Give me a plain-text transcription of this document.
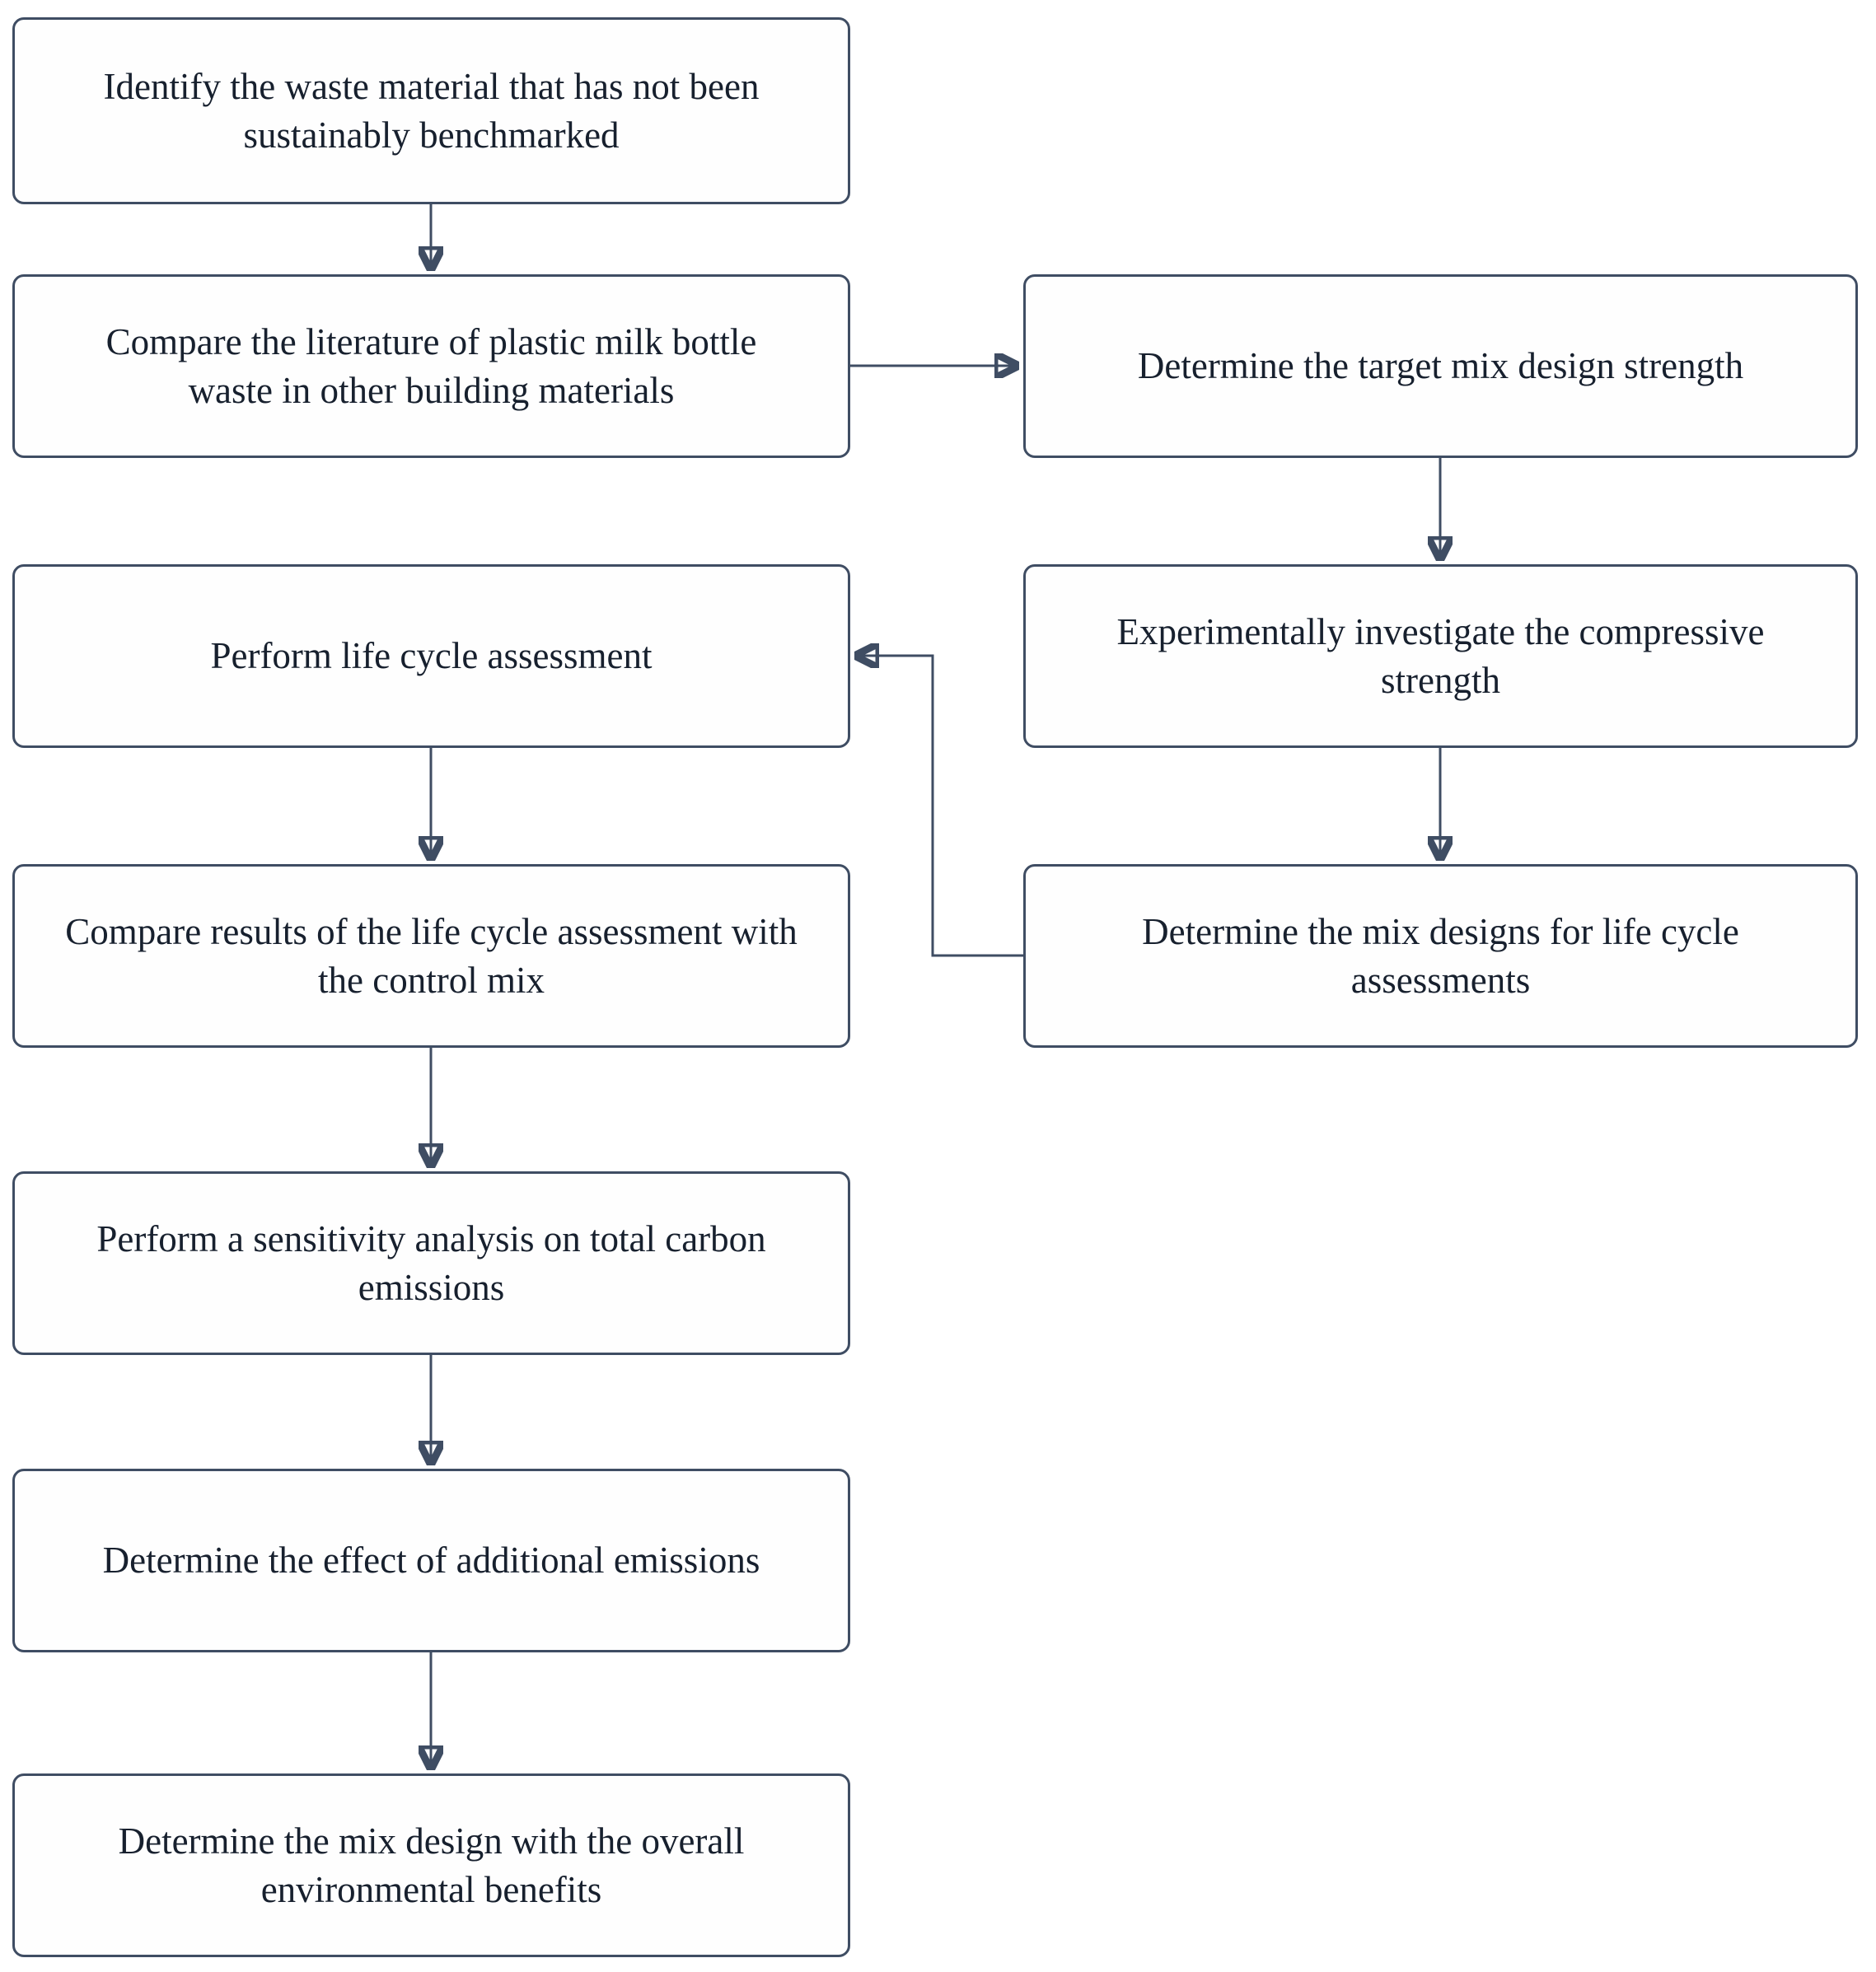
Identify the waste material that has not been sustainably benchmarked
Compare the literature of plastic milk bottle waste in other building materials
Determine the target mix design strength
Experimentally investigate the compressive strength
Determine the mix designs for life cycle assessments
Perform life cycle assessment
Compare results of the life cycle assessment with the control mix
Perform a sensitivity analysis on total carbon emissions
Determine the effect of additional emissions
Determine the mix design with the overall environmental benefits
